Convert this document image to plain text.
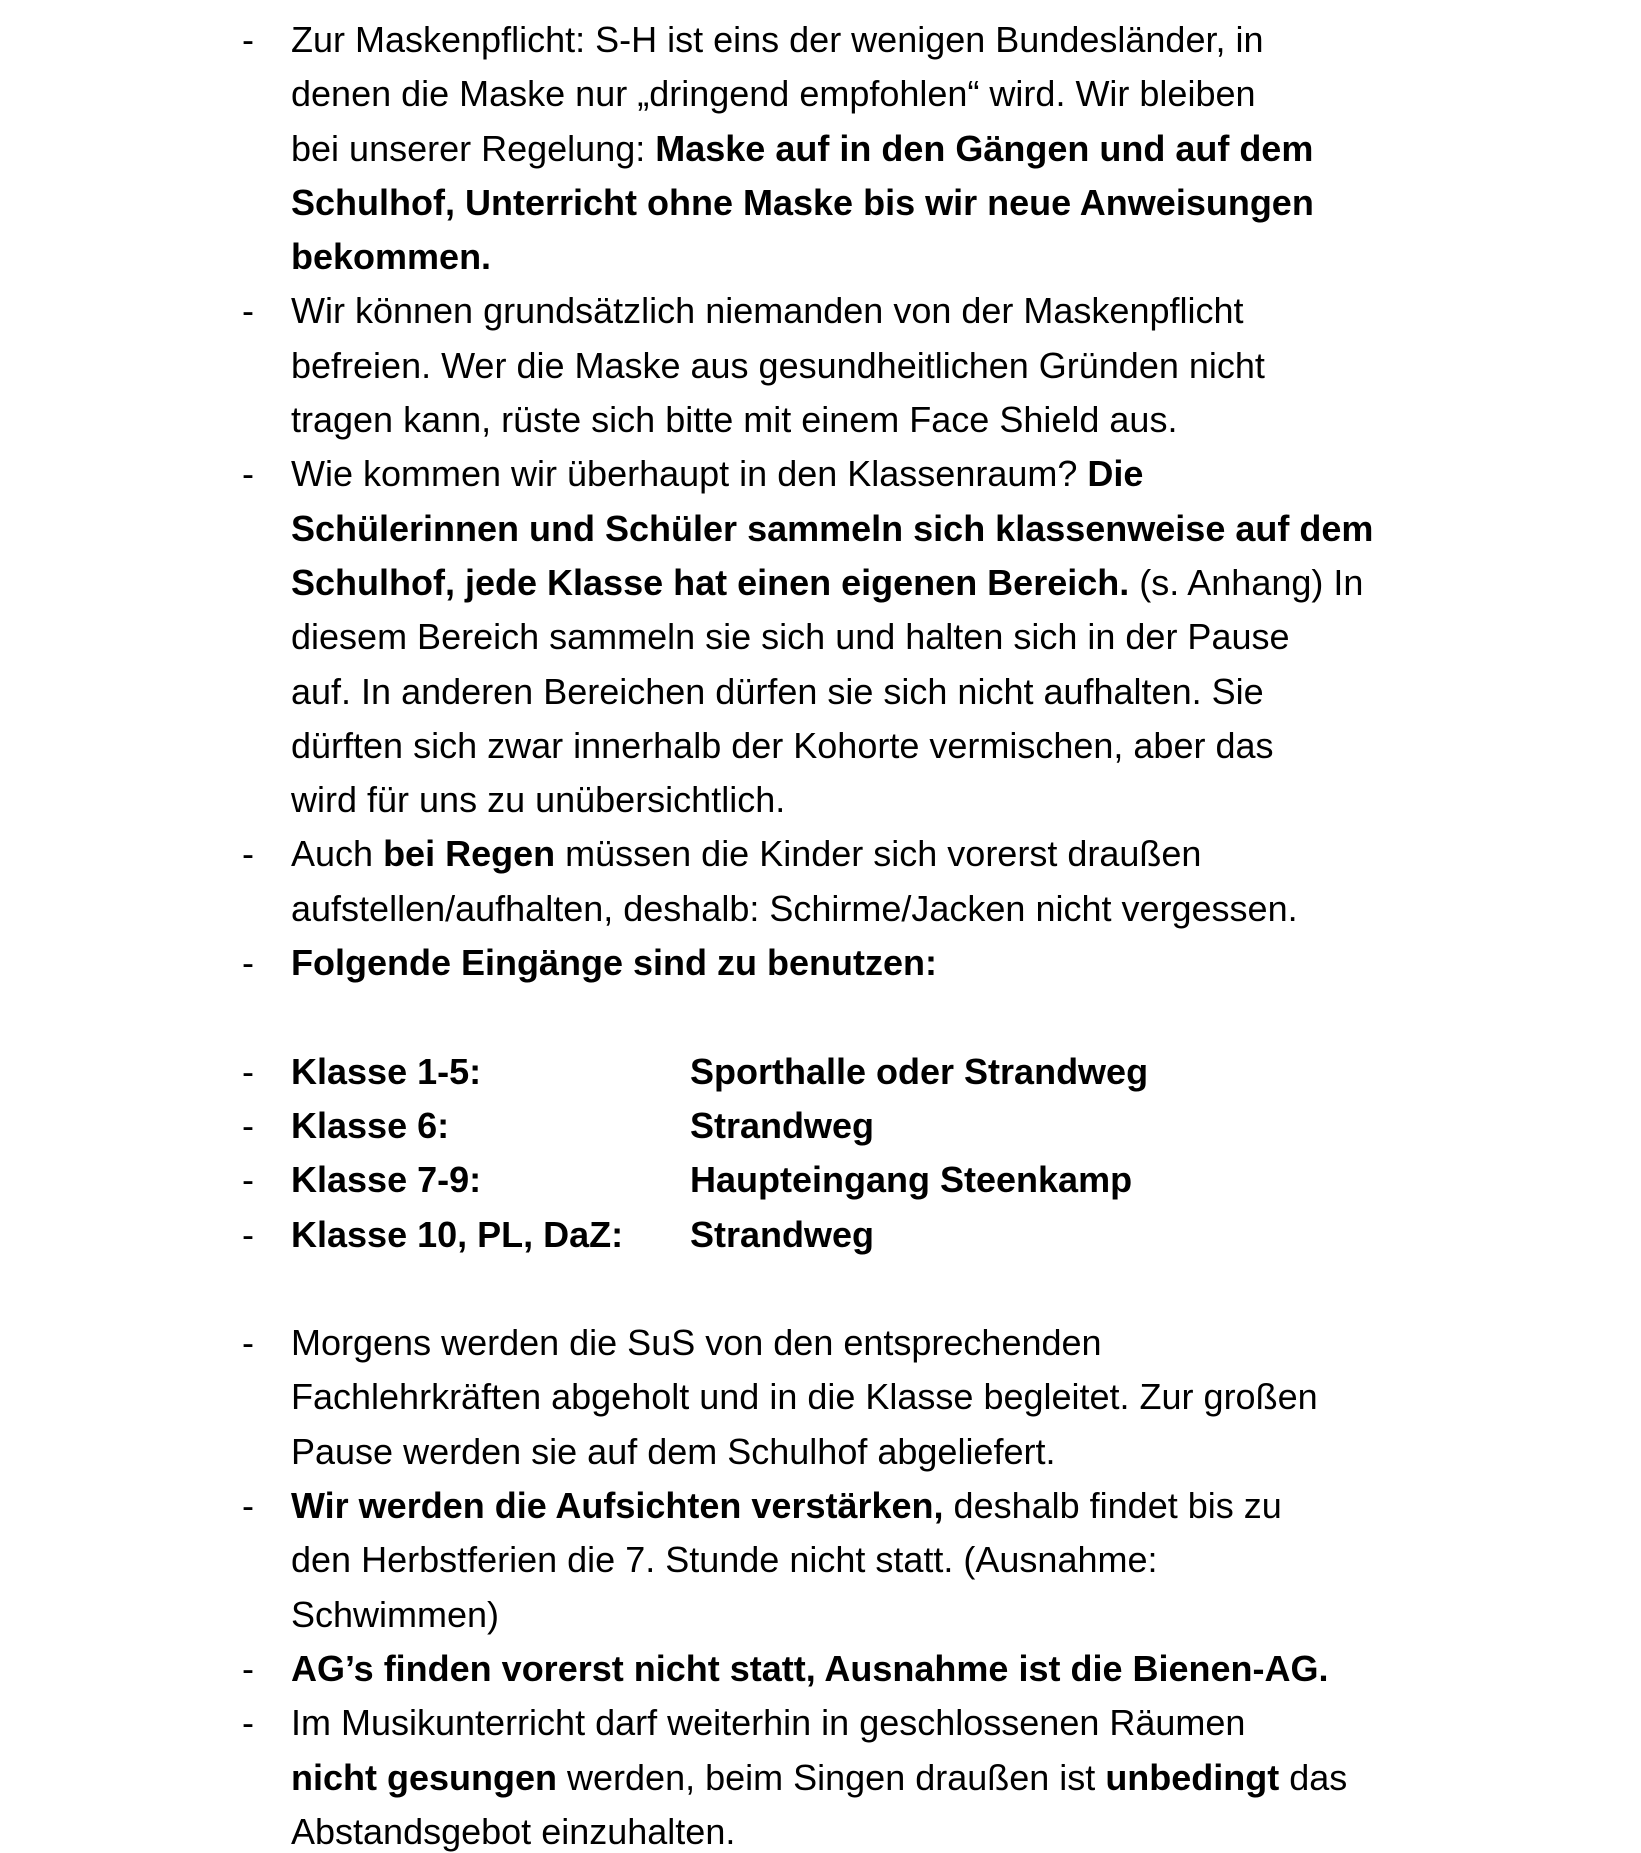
- Zur Maskenpflicht: S-H ist eins der wenigen Bundesländer, in
denen die Maske nur „dringend empfohlen“ wird. Wir bleiben
bei unserer Regelung: Maske auf in den Gängen und auf dem
Schulhof, Unterricht ohne Maske bis wir neue Anweisungen
bekommen.
- Wir können grundsätzlich niemanden von der Maskenpflicht
befreien. Wer die Maske aus gesundheitlichen Gründen nicht
tragen kann, rüste sich bitte mit einem Face Shield aus.
- Wie kommen wir überhaupt in den Klassenraum? Die
Schülerinnen und Schüler sammeln sich klassenweise auf dem
Schulhof, jede Klasse hat einen eigenen Bereich. (s. Anhang) In
diesem Bereich sammeln sie sich und halten sich in der Pause
auf. In anderen Bereichen dürfen sie sich nicht aufhalten. Sie
dürften sich zwar innerhalb der Kohorte vermischen, aber das
wird für uns zu unübersichtlich.
- Auch bei Regen müssen die Kinder sich vorerst draußen
aufstellen/aufhalten, deshalb: Schirme/Jacken nicht vergessen.
- Folgende Eingänge sind zu benutzen:
- Klasse 1-5:	Sporthalle oder Strandweg
- Klasse 6:	Strandweg
- Klasse 7-9:	Haupteingang Steenkamp
- Klasse 10, PL, DaZ: Strandweg
- Morgens werden die SuS von den entsprechenden
Fachlehrkräften abgeholt und in die Klasse begleitet. Zur großen
Pause werden sie auf dem Schulhof abgeliefert.
- Wir werden die Aufsichten verstärken, deshalb findet bis zu
den Herbstferien die 7. Stunde nicht statt. (Ausnahme:
Schwimmen)
- AG’s finden vorerst nicht statt, Ausnahme ist die Bienen-AG.
- Im Musikunterricht darf weiterhin in geschlossenen Räumen
nicht gesungen werden, beim Singen draußen ist unbedingt das
Abstandsgebot einzuhalten.
